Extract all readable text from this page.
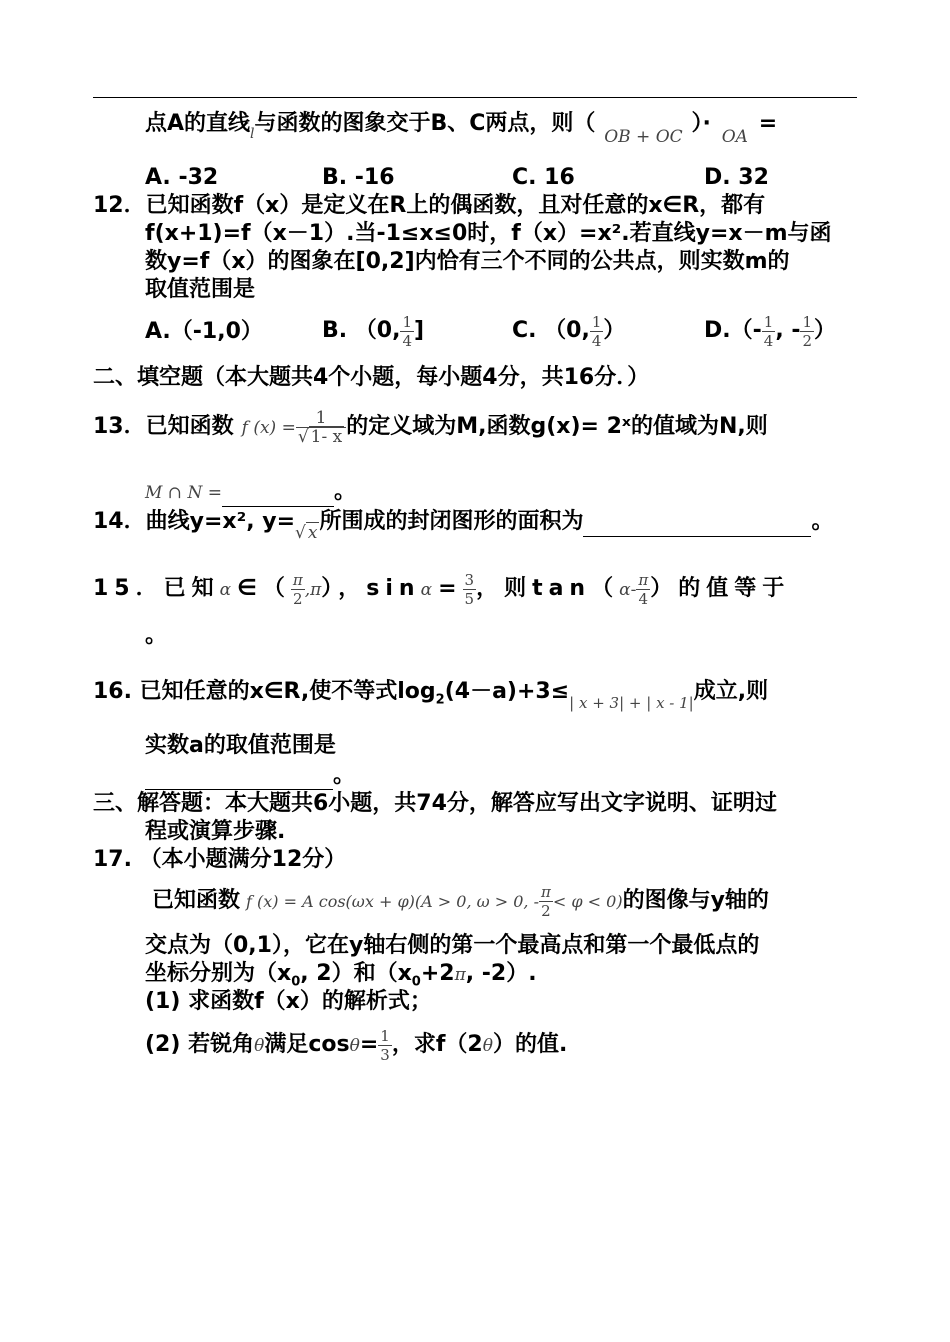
点A的直线$_l$与函数的图象交于B、C两点，则（OB + OC）·OA=
A. -32	B. -16	C. 16	D. 32
12．已知函数f（x）是定义在R上的偶函数，且对任意的x∈R，都有
f(x+1)=f（x－1）.当-1≤x≤0时，f（x）=x².若直线y=x－m与函
数y=f（x）的图象在[0,2]内恰有三个不同的公共点，则实数m的
取值范围是
A.（-1,0）	B. （0, $\frac{1}{4}$ ]	C. （0, $\frac{1}{4}$ ）	$D.(- \frac{1}{4}$ , - $\frac{1}{2}$ ）
二、填空题（本大题共4个小题，每小题4分，共16分．）
13．已知函数 f $(x) = \frac{1}{√ 1- x}$ 的定义域为M,函数g(x)= 2ˣ的值域为N,则
M ∩ N =	。
14．曲线y=x², y=√ x所围成的封闭图形的面积为	。
15．已知α∈（ $\frac{\pi}{2} ,\pi$），$\sin\alpha= \frac{3}{5}$ ，则$\tan(\alpha- \frac{\pi}{4}$ ）的值等于
。
16. 已知任意的x∈R,使不等式$\log_2(4-a)+3\le_{| x + 3| + | x - 1|}$成立,则
实数a的取值范围是
。
三、解答题：本大题共6小题，共74分，解答应写出文字说明、证明过
程或演算步骤.
17. （本小题满分12分）
已知函数 f (x) = A cos(ωx + φ)(A > 0, ω > 0, - $\frac{\pi}{2} < \varphi < 0$)的图像与y轴的
交点为（0,1），它在y轴右侧的第一个最高点和第一个最低点的
坐标分别为（$x_0$, 2）和（$x_0+2\pi$, -2）.
(1) 求函数f（x）的解析式；
(2) 若锐角θ满足$\cos\theta= \frac{1}{3}$ ，求f（2θ）的值.
